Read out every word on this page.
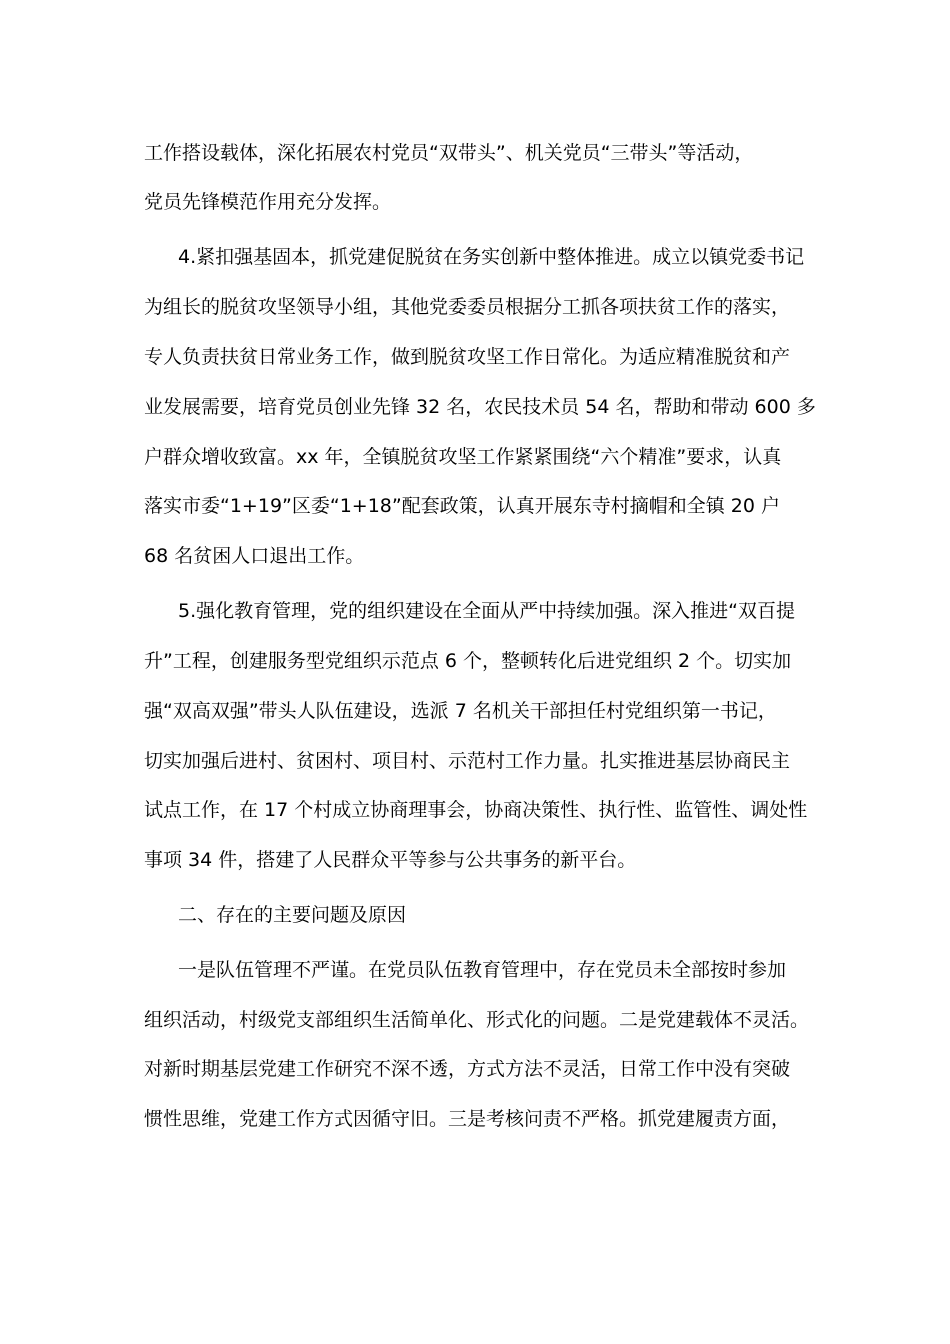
工作搭设载体，深化拓展农村党员“双带头”、机关党员“三带头”等活动，
党员先锋模范作用充分发挥。
4.紧扣强基固本，抓党建促脱贫在务实创新中整体推进。成立以镇党委书记
为组长的脱贫攻坚领导小组，其他党委委员根据分工抓各项扶贫工作的落实，
专人负责扶贫日常业务工作，做到脱贫攻坚工作日常化。为适应精准脱贫和产
业发展需要，培育党员创业先锋 32 名，农民技术员 54 名，帮助和带动 600 多
户群众增收致富。xx 年，全镇脱贫攻坚工作紧紧围绕“六个精准”要求，认真
落实市委“1+19”区委“1+18”配套政策，认真开展东寺村摘帽和全镇 20 户
68 名贫困人口退出工作。
5.强化教育管理，党的组织建设在全面从严中持续加强。深入推进“双百提
升”工程，创建服务型党组织示范点 6 个，整顿转化后进党组织 2 个。切实加
强“双高双强”带头人队伍建设，选派 7 名机关干部担任村党组织第一书记，
切实加强后进村、贫困村、项目村、示范村工作力量。扎实推进基层协商民主
试点工作，在 17 个村成立协商理事会，协商决策性、执行性、监管性、调处性
事项 34 件，搭建了人民群众平等参与公共事务的新平台。
二、存在的主要问题及原因
一是队伍管理不严谨。在党员队伍教育管理中，存在党员未全部按时参加
组织活动，村级党支部组织生活简单化、形式化的问题。二是党建载体不灵活。
对新时期基层党建工作研究不深不透，方式方法不灵活，日常工作中没有突破
惯性思维，党建工作方式因循守旧。三是考核问责不严格。抓党建履责方面，
